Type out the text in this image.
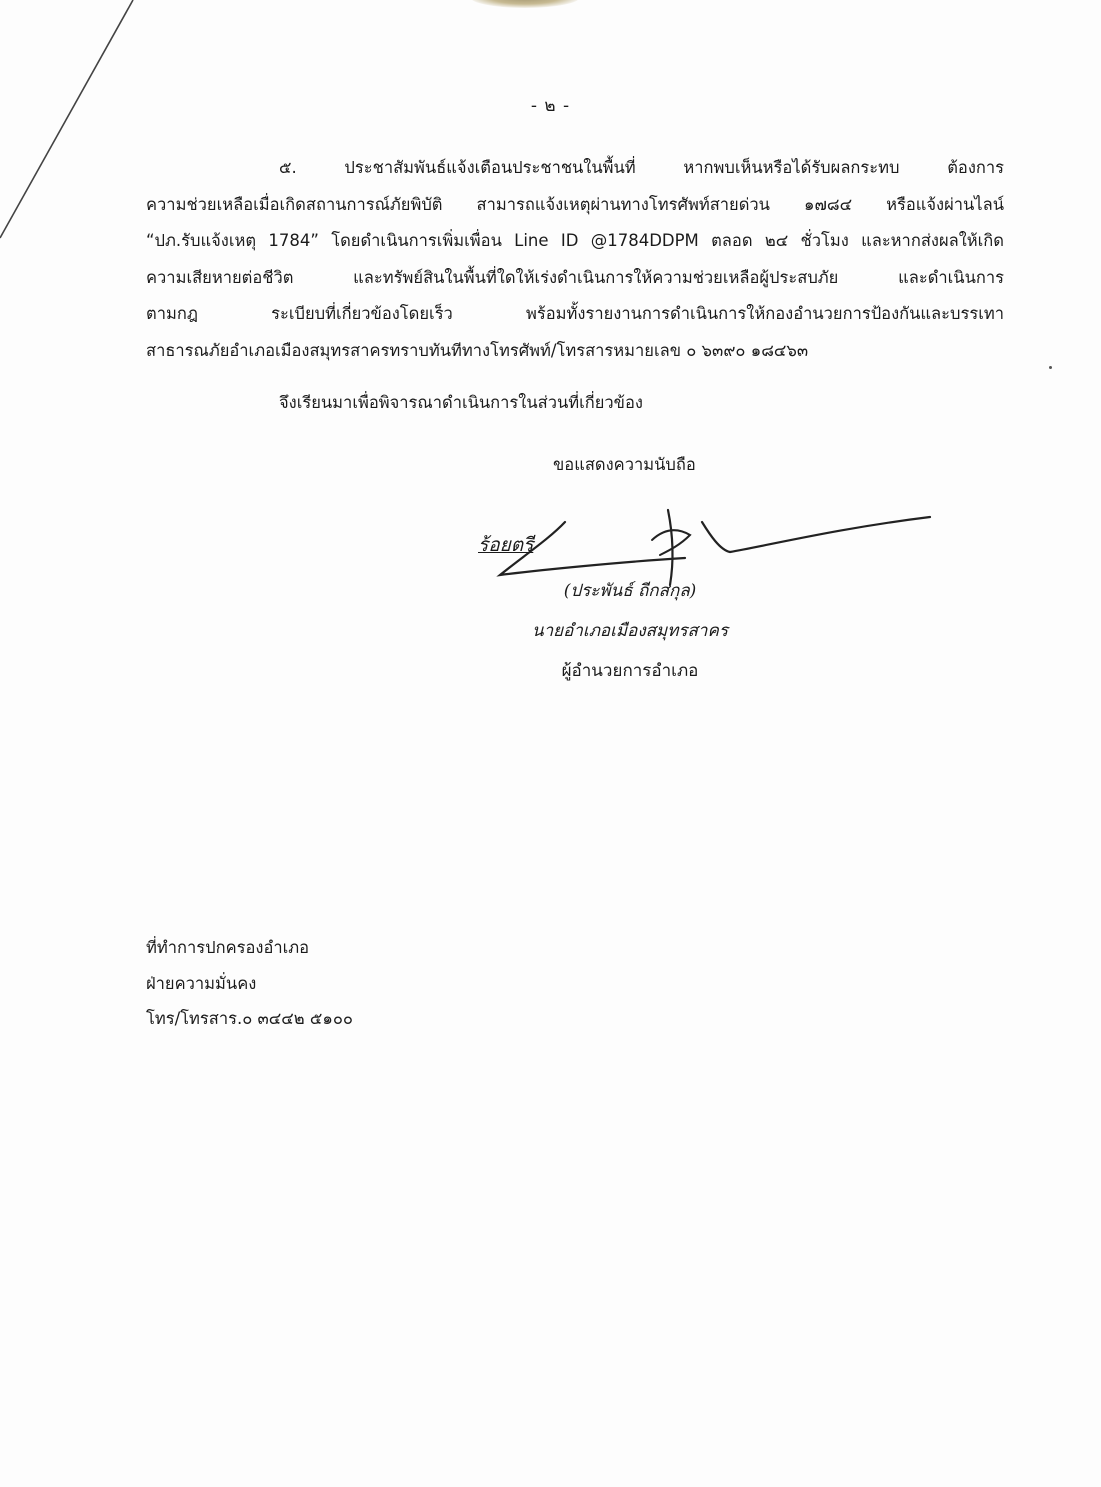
- ๒ -
๕. ประชาสัมพันธ์แจ้งเตือนประชาชนในพื้นที่ หากพบเห็นหรือได้รับผลกระทบ ต้องการ
ความช่วยเหลือเมื่อเกิดสถานการณ์ภัยพิบัติ สามารถแจ้งเหตุผ่านทางโทรศัพท์สายด่วน ๑๗๘๔ หรือแจ้งผ่านไลน์
“ปภ.รับแจ้งเหตุ 1784” โดยดำเนินการเพิ่มเพื่อน Line ID @1784DDPM ตลอด ๒๔ ชั่วโมง และหากส่งผลให้เกิด
ความเสียหายต่อชีวิต และทรัพย์สินในพื้นที่ใดให้เร่งดำเนินการให้ความช่วยเหลือผู้ประสบภัย และดำเนินการ
ตามกฎ ระเบียบที่เกี่ยวข้องโดยเร็ว พร้อมทั้งรายงานการดำเนินการให้กองอำนวยการป้องกันและบรรเทา
สาธารณภัยอำเภอเมืองสมุทรสาครทราบทันทีทางโทรศัพท์/โทรสารหมายเลข ๐ ๖๓๙๐ ๑๘๔๖๓
จึงเรียนมาเพื่อพิจารณาดำเนินการในส่วนที่เกี่ยวข้อง
ขอแสดงความนับถือ
ร้อยตรี
(ประพันธ์ ถีกสกุล)
นายอำเภอเมืองสมุทรสาคร
ผู้อำนวยการอำเภอ
ที่ทำการปกครองอำเภอ
ฝ่ายความมั่นคง
โทร/โทรสาร.๐ ๓๔๔๒ ๕๑๐๐
